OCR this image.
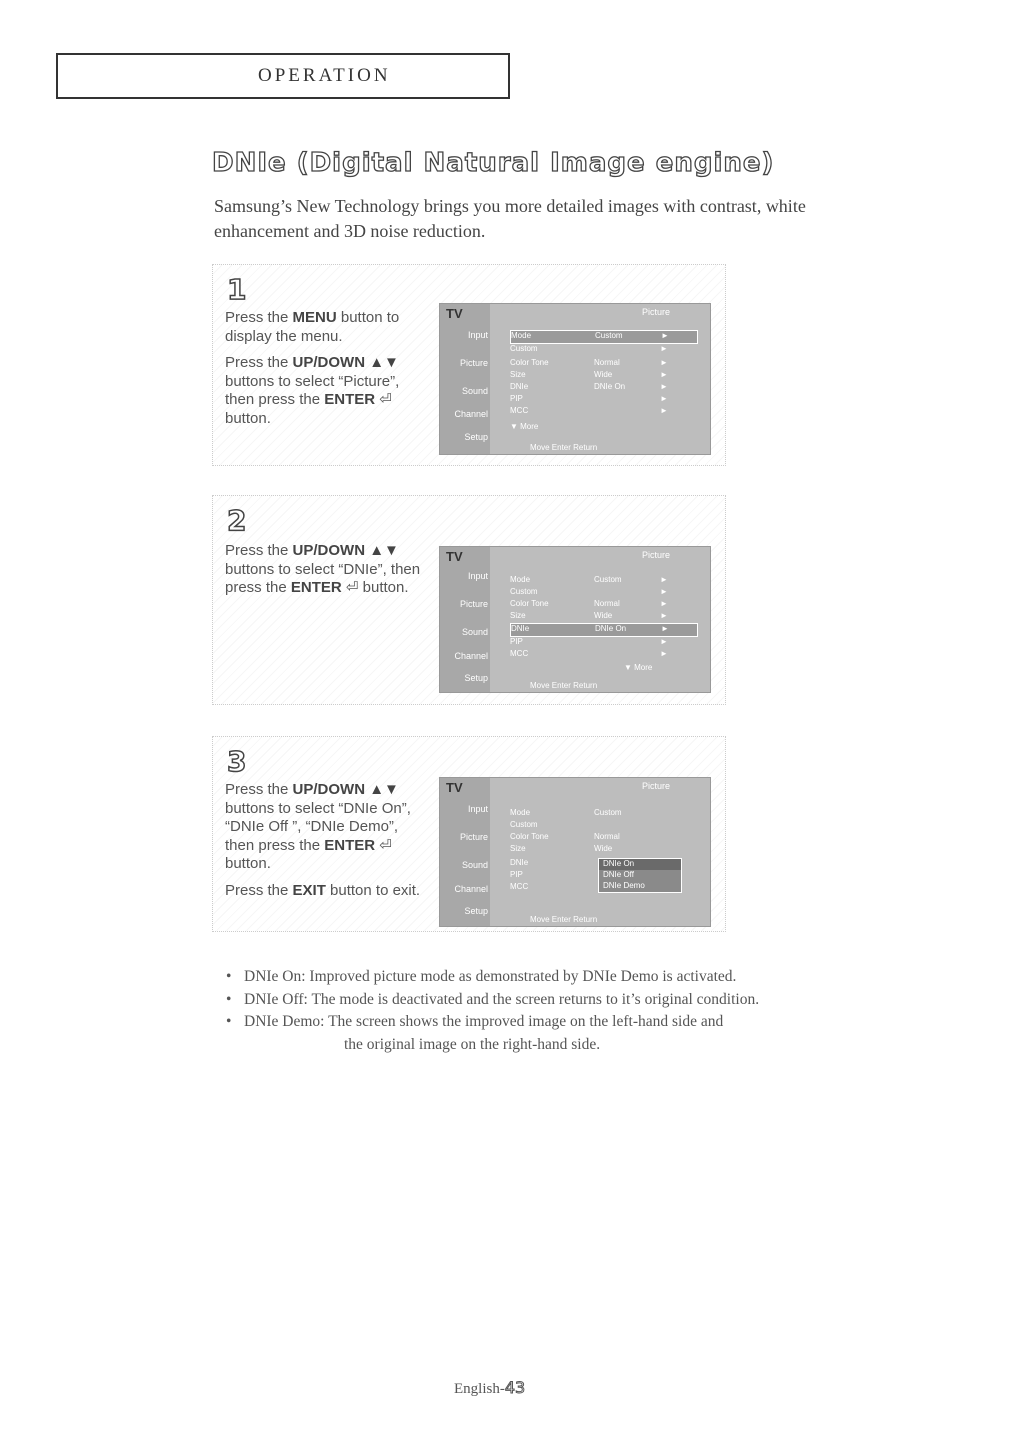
OPERATION
DNIe (Digital Natural Image engine)

Samsung’s New Technology brings you more detailed images with contrast, white enhancement and 3D noise reduction.

1

Press the MENU button to display the menu.

Press the UP/DOWN ▲▼ buttons to select “Picture”, then press the ENTER ⏎ button.

Input
Picture
Sound
Channel
Setup
TV	Picture
Mode	Custom	►
Custom	►
Color Tone	Normal	►
Size	Wide	►
DNIe	DNIe On	►
PIP	►
MCC	►
▼ More
Move Enter Return
2

Press the UP/DOWN ▲▼ buttons to select “DNIe”, then press the ENTER ⏎ button.

Input
Picture
Sound
Channel
Setup
TV	Picture
Mode	Custom	►
Custom	►
Color Tone	Normal	►
Size	Wide	►
DNIe	DNIe On	►
PIP	►
MCC	►
▼ More
Move Enter Return
3

Press the UP/DOWN ▲▼ buttons to select “DNIe On”, “DNIe Off ”, “DNIe Demo”, then press the ENTER ⏎ button.

Press the EXIT button to exit.

Input
Picture
Sound
Channel
Setup
TV	Picture
Mode	Custom
Custom
Color Tone	Normal
Size	Wide
DNIe
PIP
MCC
DNIe On
DNIe Off
DNIe Demo
Move Enter Return
• DNIe On: Improved picture mode as demonstrated by DNIe Demo is activated.
• DNIe Off: The mode is deactivated and the screen returns to it’s original condition.
• DNIe Demo: The screen shows the improved image on the left-hand side and
the original image on the right-hand side.
English-43
